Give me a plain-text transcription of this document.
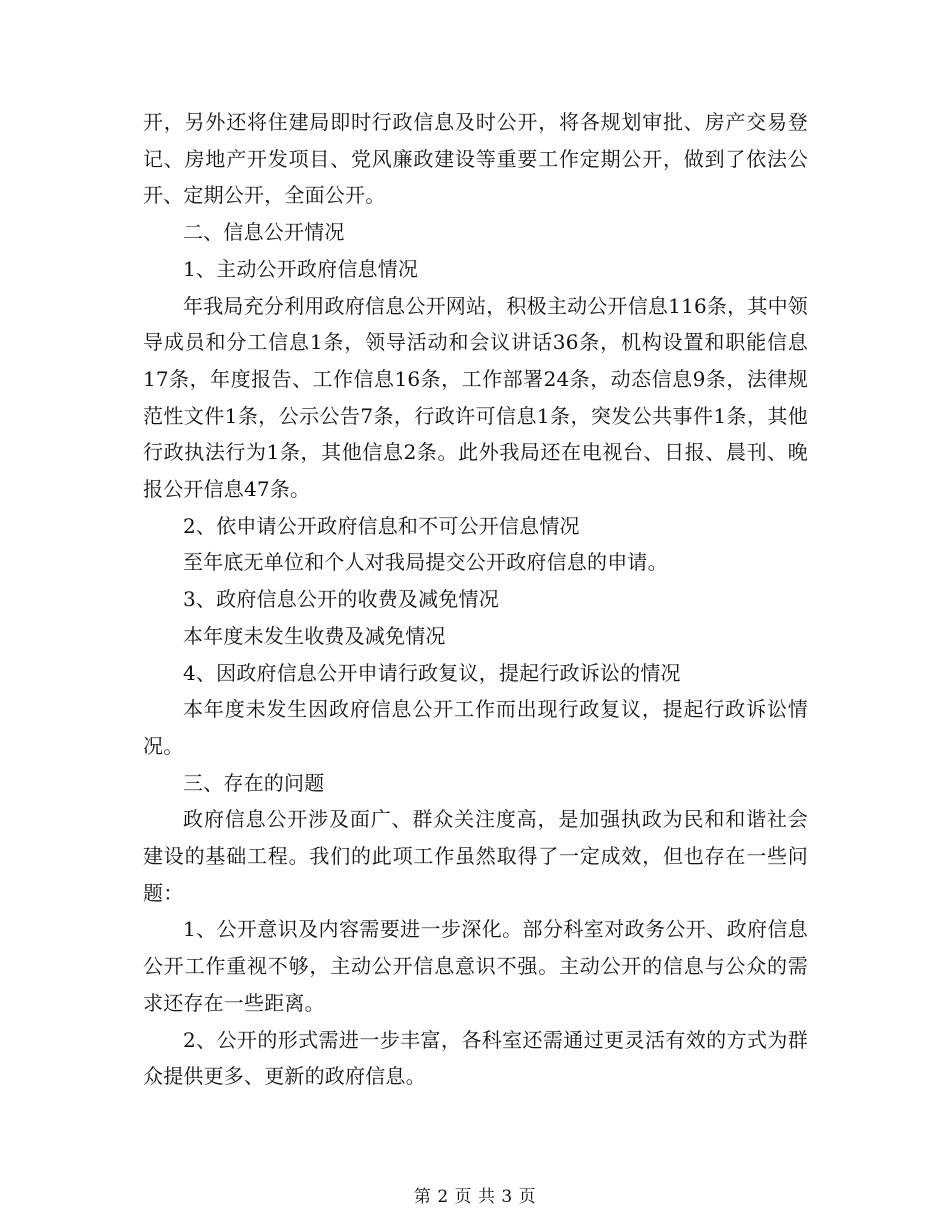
开，另外还将住建局即时行政信息及时公开，将各规划审批、房产交易登记、房地产开发项目、党风廉政建设等重要工作定期公开，做到了依法公开、定期公开，全面公开。

二、信息公开情况

1、主动公开政府信息情况

年我局充分利用政府信息公开网站，积极主动公开信息116条，其中领导成员和分工信息1条，领导活动和会议讲话36条，机构设置和职能信息17条，年度报告、工作信息16条，工作部署24条，动态信息9条，法律规范性文件1条，公示公告7条，行政许可信息1条，突发公共事件1条，其他行政执法行为1条，其他信息2条。此外我局还在电视台、日报、晨刊、晚报公开信息47条。

2、依申请公开政府信息和不可公开信息情况

至年底无单位和个人对我局提交公开政府信息的申请。

3、政府信息公开的收费及减免情况

本年度未发生收费及减免情况

4、因政府信息公开申请行政复议，提起行政诉讼的情况

本年度未发生因政府信息公开工作而出现行政复议，提起行政诉讼情况。

三、存在的问题

政府信息公开涉及面广、群众关注度高，是加强执政为民和和谐社会建设的基础工程。我们的此项工作虽然取得了一定成效，但也存在一些问题：

1、公开意识及内容需要进一步深化。部分科室对政务公开、政府信息公开工作重视不够，主动公开信息意识不强。主动公开的信息与公众的需求还存在一些距离。

2、公开的形式需进一步丰富，各科室还需通过更灵活有效的方式为群众提供更多、更新的政府信息。

第 2 页 共 3 页
